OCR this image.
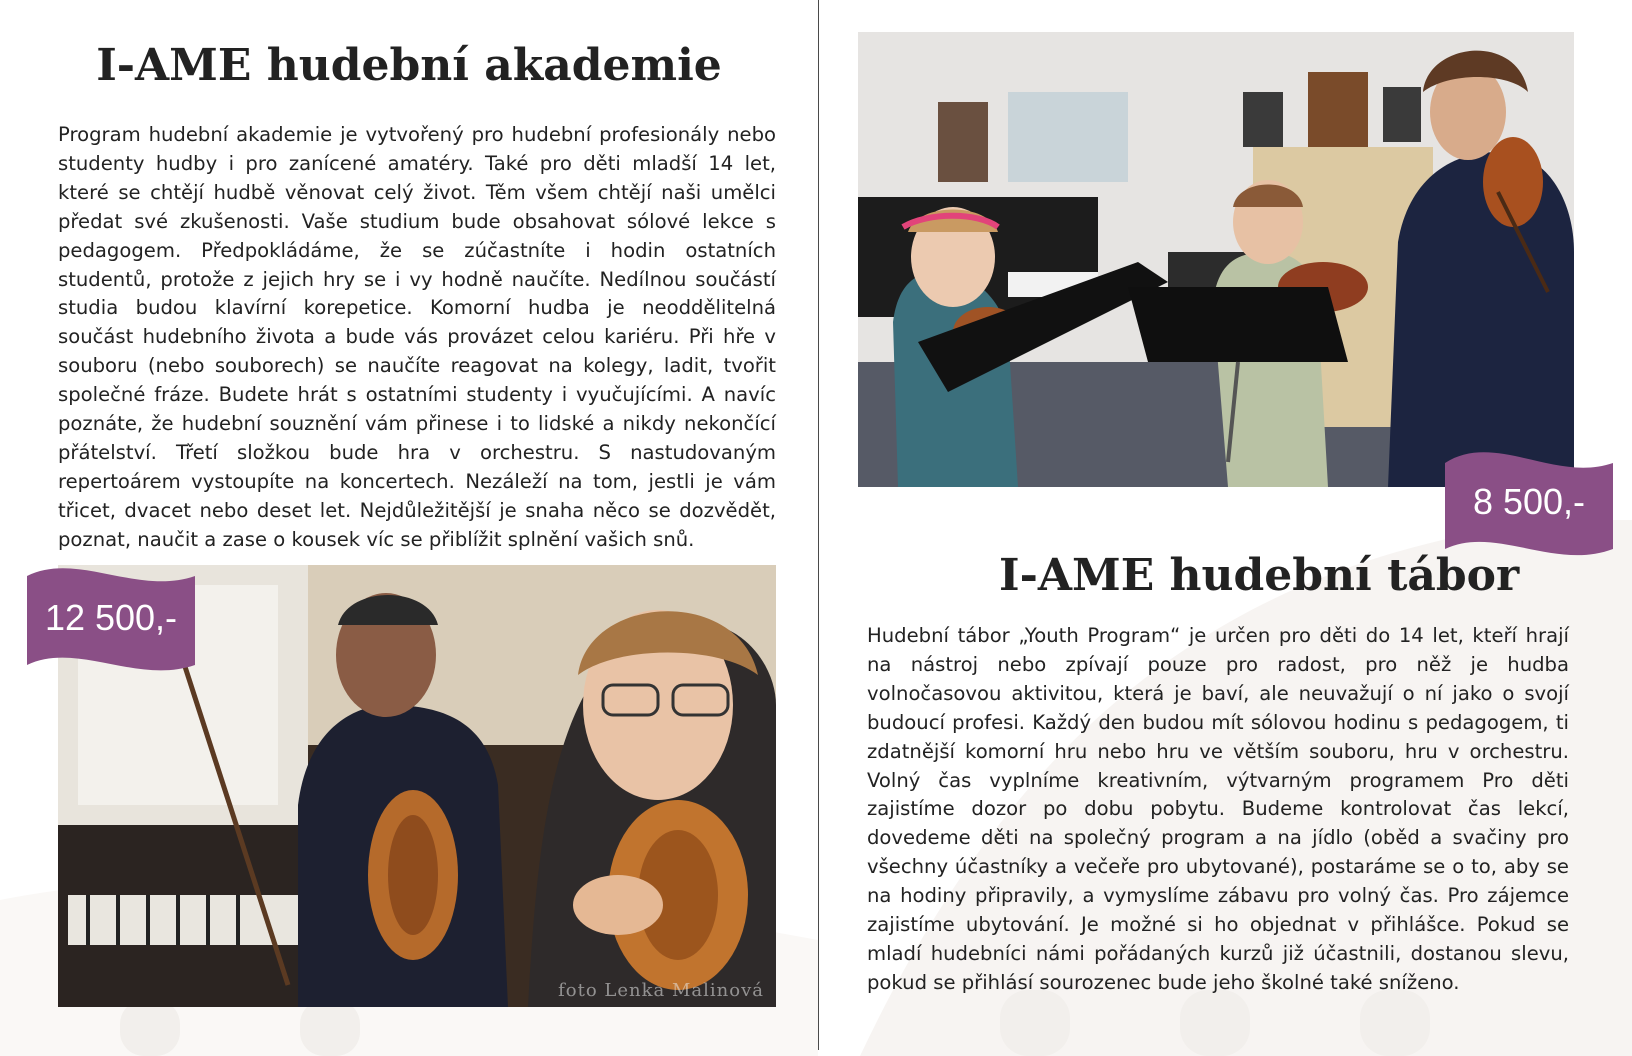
I-AME hudební akademie

Program hudební akademie je vytvořený pro hudební profesionály nebo studenty hudby i pro zanícené amatéry. Také pro děti mladší 14 let, které se chtějí hudbě věnovat celý život. Těm všem chtějí naši umělci předat své zkušenosti. Vaše studium bude obsahovat sólové lekce s pedagogem. Předpokládáme, že se zúčastníte i hodin ostatních studentů, protože z jejich hry se i vy hodně naučíte. Nedílnou součástí studia budou klavírní korepetice. Komorní hudba je neoddělitelná součást hudebního života a bude vás provázet celou kariéru. Při hře v souboru (nebo souborech) se naučíte reagovat na kolegy, ladit, tvořit společné fráze. Budete hrát s ostatními studenty i vyučujícími. A navíc poznáte, že hudební souznění vám přinese i to lidské a nikdy nekončící přátelství. Třetí složkou bude hra v orchestru. S nastudovaným repertoárem vystoupíte na koncertech. Nezáleží na tom, jestli je vám třicet, dvacet nebo deset let. Nejdůležitější je snaha něco se dozvědět, poznat, naučit a zase o kousek víc se přiblížit splnění vašich snů.

foto Lenka Malinová
12 500,-
8 500,-
I-AME hudební tábor

Hudební tábor „Youth Program“ je určen pro děti do 14 let, kteří hrají na nástroj nebo zpívají pouze pro radost, pro něž je hudba volnočasovou aktivitou, která je baví, ale neuvažují o ní jako o svojí budoucí profesi. Každý den budou mít sólovou hodinu s pedagogem, ti zdatnější komorní hru nebo hru ve větším souboru, hru v orchestru. Volný čas vyplníme kreativním, výtvarným programem Pro děti zajistíme dozor po dobu pobytu. Budeme kontrolovat čas lekcí, dovedeme děti na společný program a na jídlo (oběd a svačiny pro všechny účastníky a večeře pro ubytované), postaráme se o to, aby se na hodiny připravily, a vymyslíme zábavu pro volný čas. Pro zájemce zajistíme ubytování. Je možné si ho objednat v přihlášce. Pokud se mladí hudebníci námi pořádaných kurzů již účastnili, dostanou slevu, pokud se přihlásí sourozenec bude jeho školné také sníženo.
